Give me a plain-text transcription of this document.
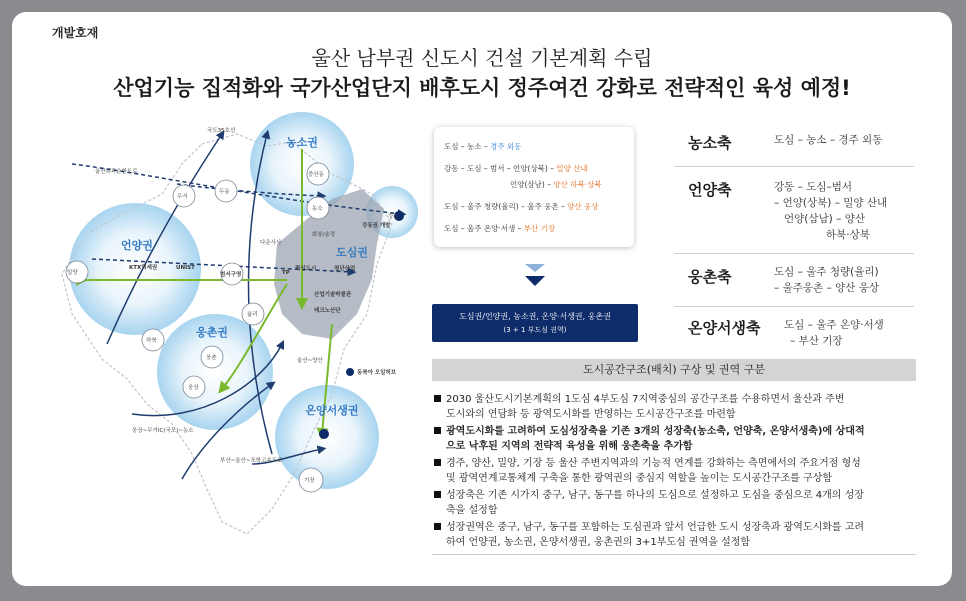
개발호재
울산 남부권 신도시 건설 기본계획 수립
산업기능 집적화와 국가산업단지 배후도시 정주여건 강화로 전략적인 육성 예정!
농소권
언양권
웅촌권
온양서생권
도심권
국도35호선
울산외곽순환도로
밀양
KTX역세권	UNIST
두서
두동
범서구영
다운사사
TP
혁신도시	첨단산업
산업기술박물관
테크노산단
중산동
농소
화봉/송정
강동
강동권 개발
율리
하북
웅촌
웅상
울산~양산
동북아 오일허브
웅상~무거IC(국도)~농소
부산~울산~포항고속도로
기장
도심 – 농소 – 경주 외동
강동 – 도심 – 범서 – 언양(상북) – 밀양 산내
언양(삼남) – 양산 하북·상북
도심 – 울주 청량(율리) – 울주 웅촌 – 양산 웅상
도심 – 울주 온양·서생 – 부산 기장
도심권/언양권, 농소권, 온양·서생권, 웅촌권
(3 + 1 부도심 권역)
농소축	도심 – 농소 – 경주 외동
언양축	강동 – 도심–범서
– 언양(상북) – 밀양 산내
언양(삼남) – 양산
하북·상북
웅촌축	도심 – 울주 청량(율리)
– 울주웅촌 – 양산 웅상
온양서생축 도심 – 울주 온양·서생
– 부산 기장
도시공간구조(배치) 구상 및 권역 구분
2030 울산도시기본계획의 1도심 4부도심 7지역중심의 공간구조를 수용하면서 울산과 주변
도시와의 연담화 등 광역도시화를 반영하는 도시공간구조를 마련함
광역도시화를 고려하여 도심성장축을 기존 3개의 성장축(농소축, 언양축, 온양서생축)에 상대적
으로 낙후된 지역의 전략적 육성을 위해 웅촌축을 추가함
경주, 양산, 밀양, 기장 등 울산 주변지역과의 기능적 연계를 강화하는 측면에서의 주요거점 형성
및 광역연계교통체계 구축을 통한 광역권의 중심지 역할을 높이는 도시공간구조를 구상함
성장축은 기존 시가지 중구, 남구, 동구를 하나의 도심으로 설정하고 도심을 중심으로 4개의 성장
축을 설정함
성장권역은 중구, 남구, 동구를 포함하는 도심권과 앞서 언급한 도시 성장축과 광역도시화를 고려
하여 언양권, 농소권, 온양서생권, 웅촌권의 3+1부도심 권역을 설정함
